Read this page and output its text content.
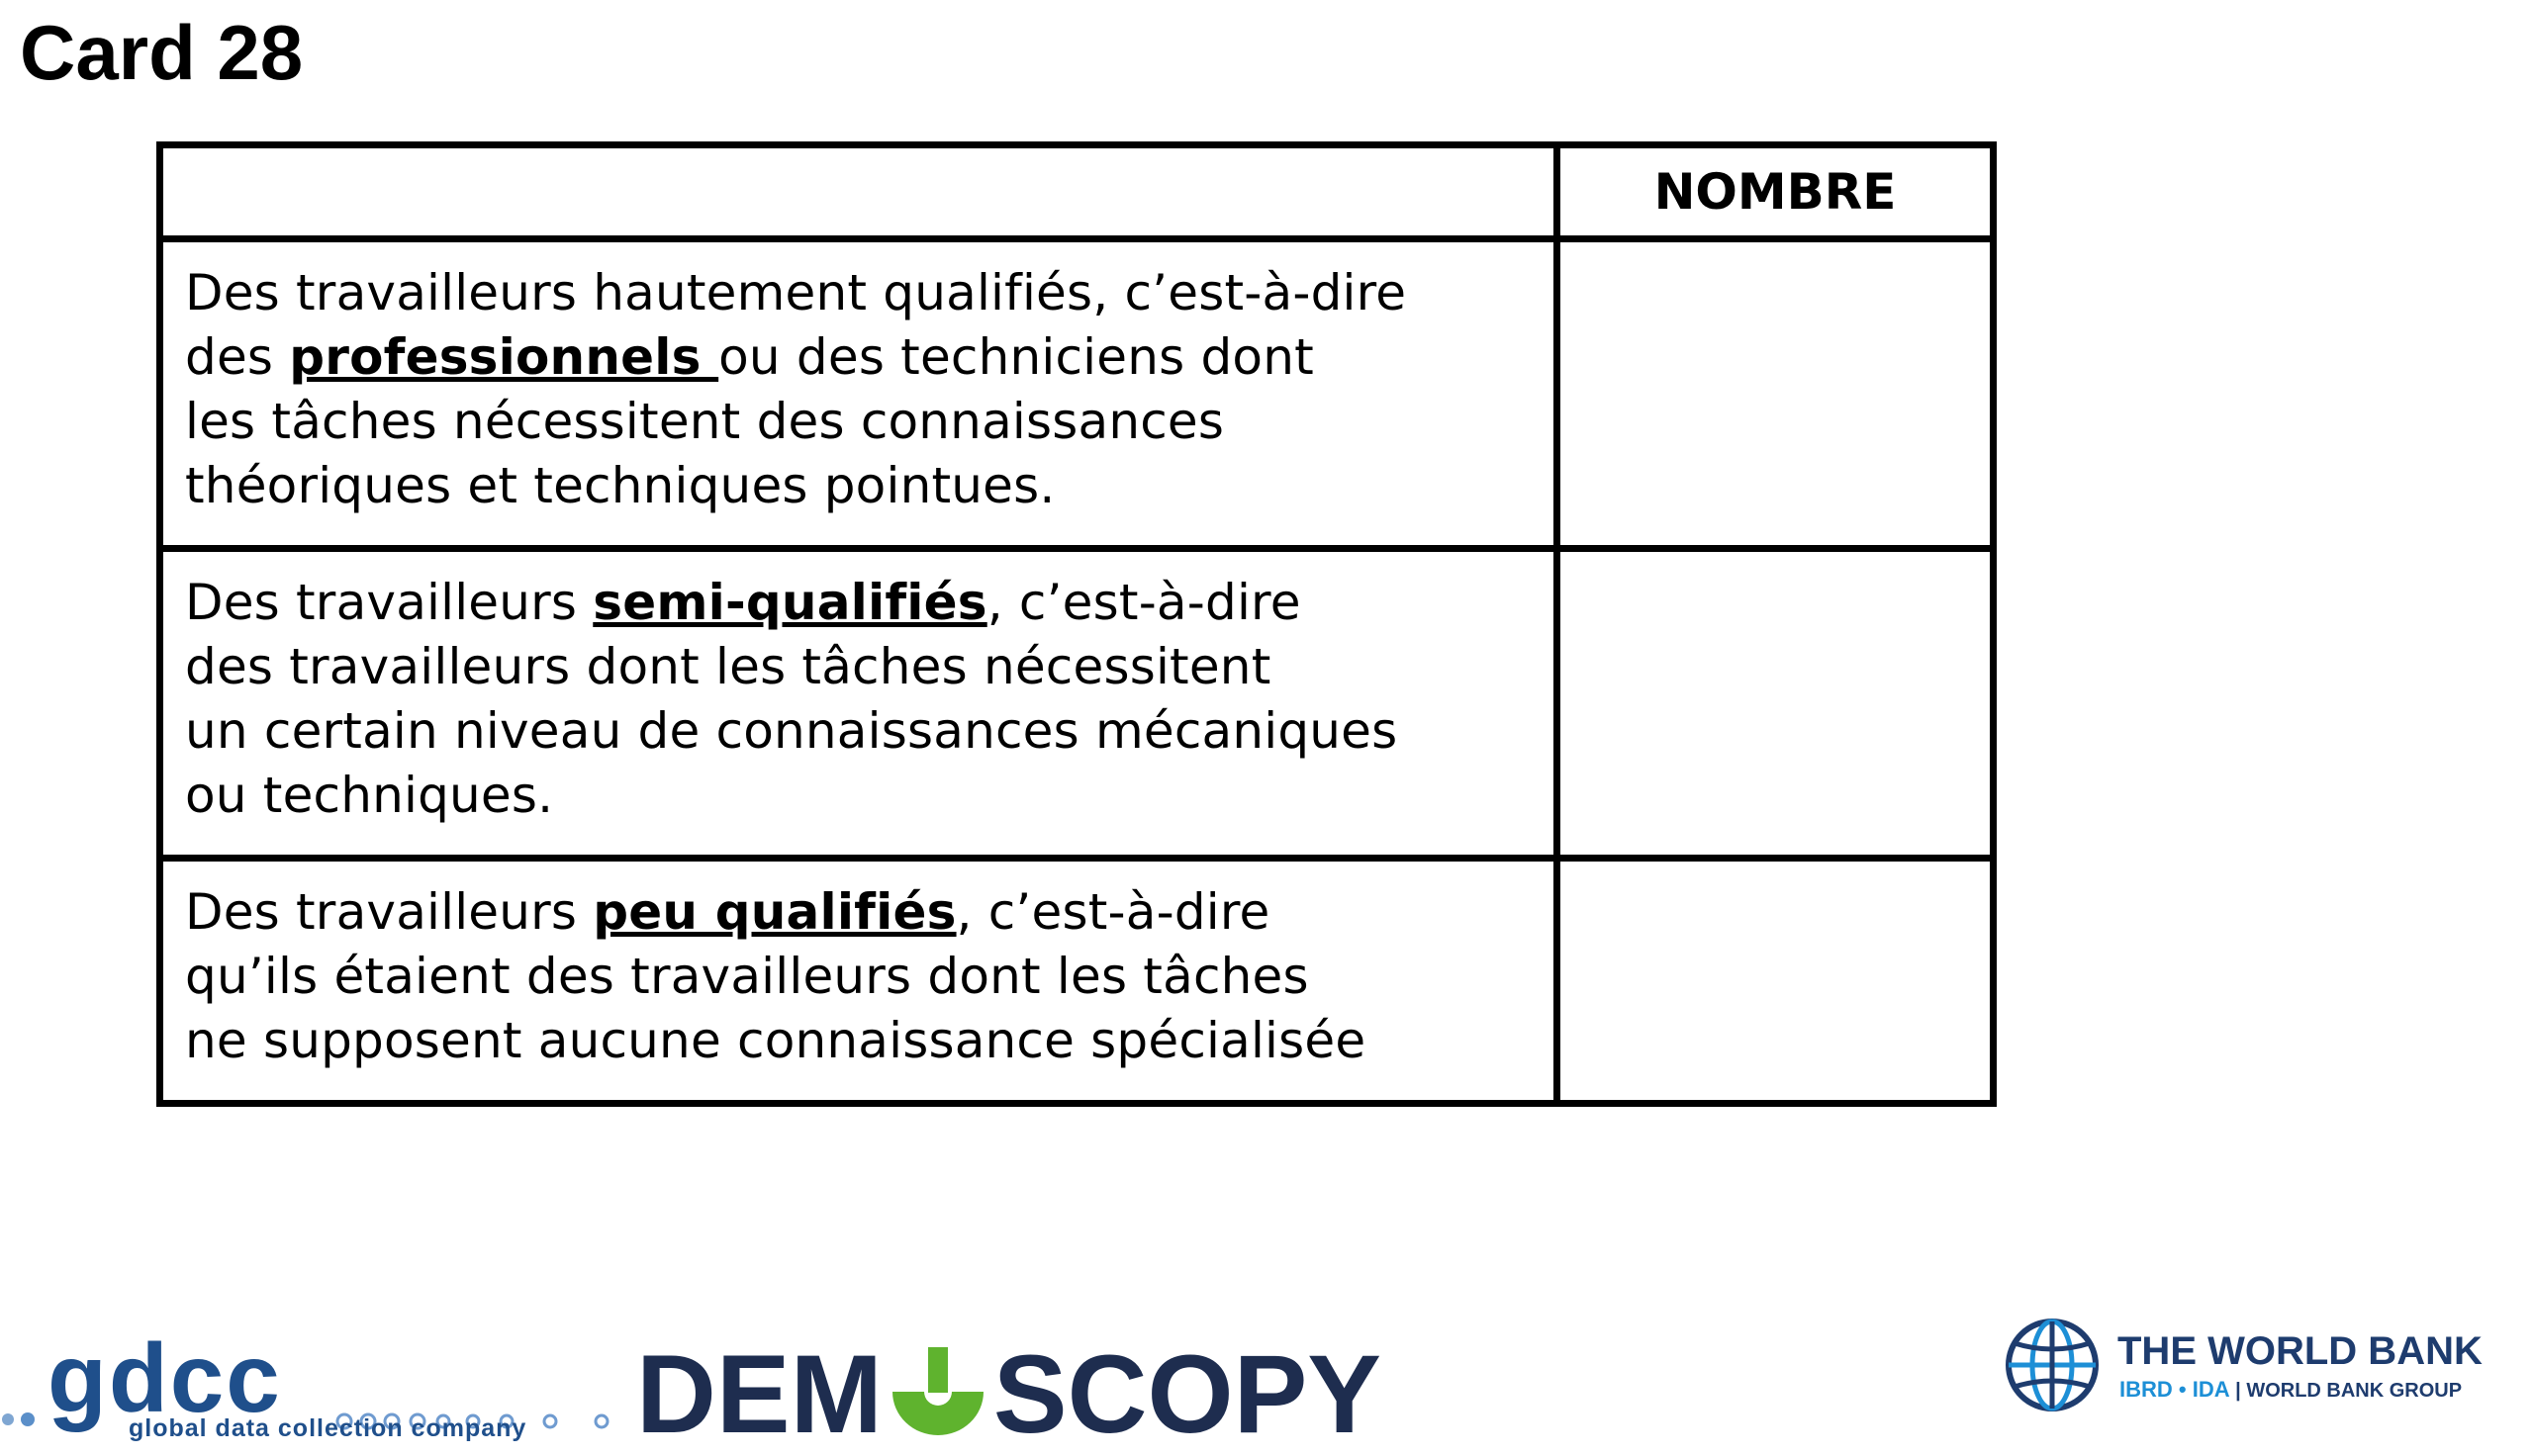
Card 28
	NOMBRE

Des travailleurs hautement qualifiés, c’est-à-dire
des professionnels ou des techniciens dont
les tâches nécessitent des connaissances
théoriques et techniques pointues.	

Des travailleurs semi-qualifiés, c’est-à-dire
des travailleurs dont les tâches nécessitent
un certain niveau de connaissances mécaniques
ou techniques.	

Des travailleurs peu qualifiés, c’est-à-dire
qu’ils étaient des travailleurs dont les tâches
ne supposent aucune connaissance spécialisée	

gdcc
global data collection company DEM SCOPY	THE WORLD BANK
IBRD • IDA | WORLD BANK GROUP
